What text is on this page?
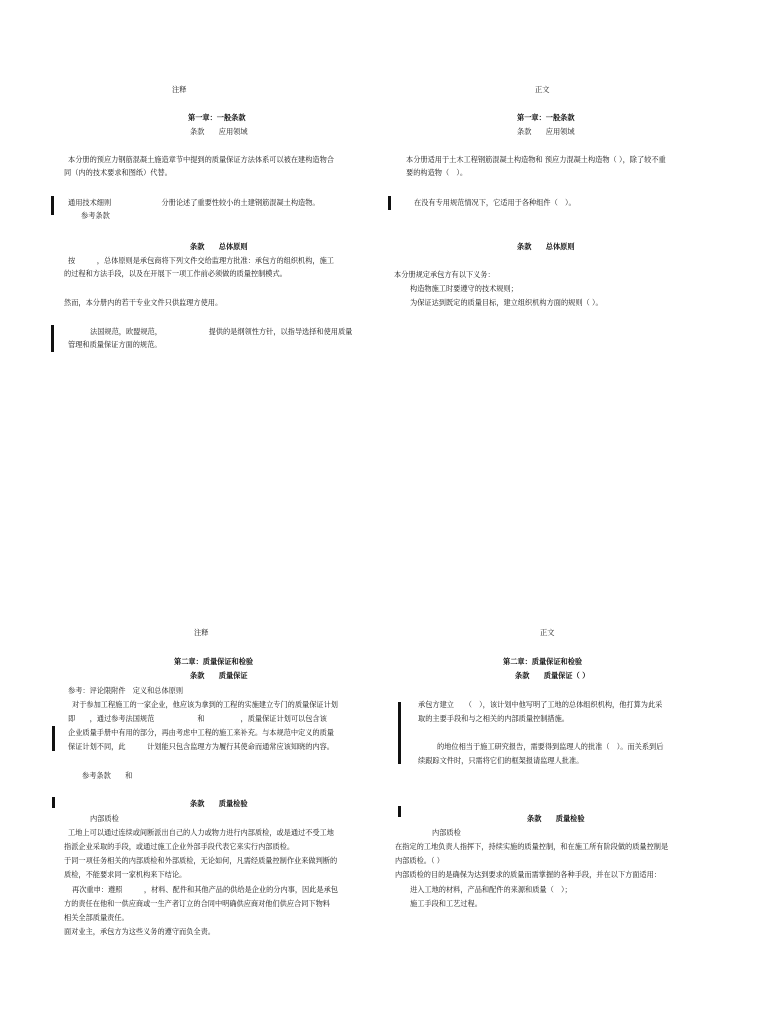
注释
第一章：一般条款
条款　　应用领域
本分册的预应力钢筋混凝土施造章节中提到的质量保证方法体系可以被在建构造物合
同（内的技术要求和图纸）代替。
通用技术细则　　　　　　　分册论述了重要性较小的土建钢筋混凝土构造物。
参考条款
条款　　总体原则
按　　　，总体原则是承包商将下列文件交给监理方批准：承包方的组织机构，施工
的过程和方法手段，以及在开展下一项工作前必须做的质量控制模式。
然而，本分册内的若干专业文件只供监理方使用。
法国规范，欧盟规范，　　　　　　　提供的是纲领性方针，以指导选择和使用质量
管理和质量保证方面的规范。
正文
第一章：一般条款
条款　　应用领域
本分册适用于土木工程钢筋混凝土构造物和 预应力混凝土构造物（ ），除了较不重
要的构造物（　）。
在没有专用规范情况下，它适用于各种组件（　）。
条款　　总体原则
本分册规定承包方有以下义务：
构造物施工时要遵守的技术规则；
为保证达到既定的质量目标，建立组织机构方面的规则（ ）。
注释
第二章：质量保证和检验
条款　　质量保证
参考：评论限附件　定义和总体原则
对于参加工程施工的一家企业，他应该为拿到的工程的实施建立专门的质量保证计划
即　　，通过参考法国规范　　　　　　和　　　　　，质量保证计划可以包含该
企业质量手册中有用的部分，再由考虑中工程的施工来补充。与本规范中定义的质量
保证计划不同，此　　　计划能只包含监理方为履行其使命而通常应该知晓的内容。
参考条款　　和
条款　　质量检验
内部质检
工地上可以通过连续或间断派出自己的人力或物力进行内部质检，或是通过不受工地
指派企业采取的手段，或通过施工企业外部手段代表它来实行内部质检。
于同一项任务相关的内部质检和外部质检，无论如何，凡需经质量控制作业来做判断的
质检，不能要求同一家机构来下结论。
再次重申：遵照　　　，材料、配件和其他产品的供给是企业的分内事，因此是承包
方的责任在他和一供应商或一生产者订立的合同中明确供应商对他们供应合同下物料
相关全部质量责任。
面对业主，承包方为这些义务的遵守而负全责。
正文
第二章：质量保证和检验
条款　　质量保证（ ）
承包方建立　　（　），该计划中他写明了工地的总体组织机构，他打算为此采
取的主要手段和与之相关的内部质量控制措施。
的地位相当于施工研究报告，需要得到监理人的批准（　）。而关系到后
续跟踪文件时，只需将它们的框架报请监理人批准。
条款　　质量检验
内部质检
在指定的工地负责人指挥下，持续实施的质量控制，和在施工所有阶段做的质量控制是
内部质检。（ ）
内部质检的目的是确保为达到要求的质量而需掌握的各种手段，并在以下方面适用：
进入工地的材料，产品和配件的来源和质量（　）；
施工手段和工艺过程。
